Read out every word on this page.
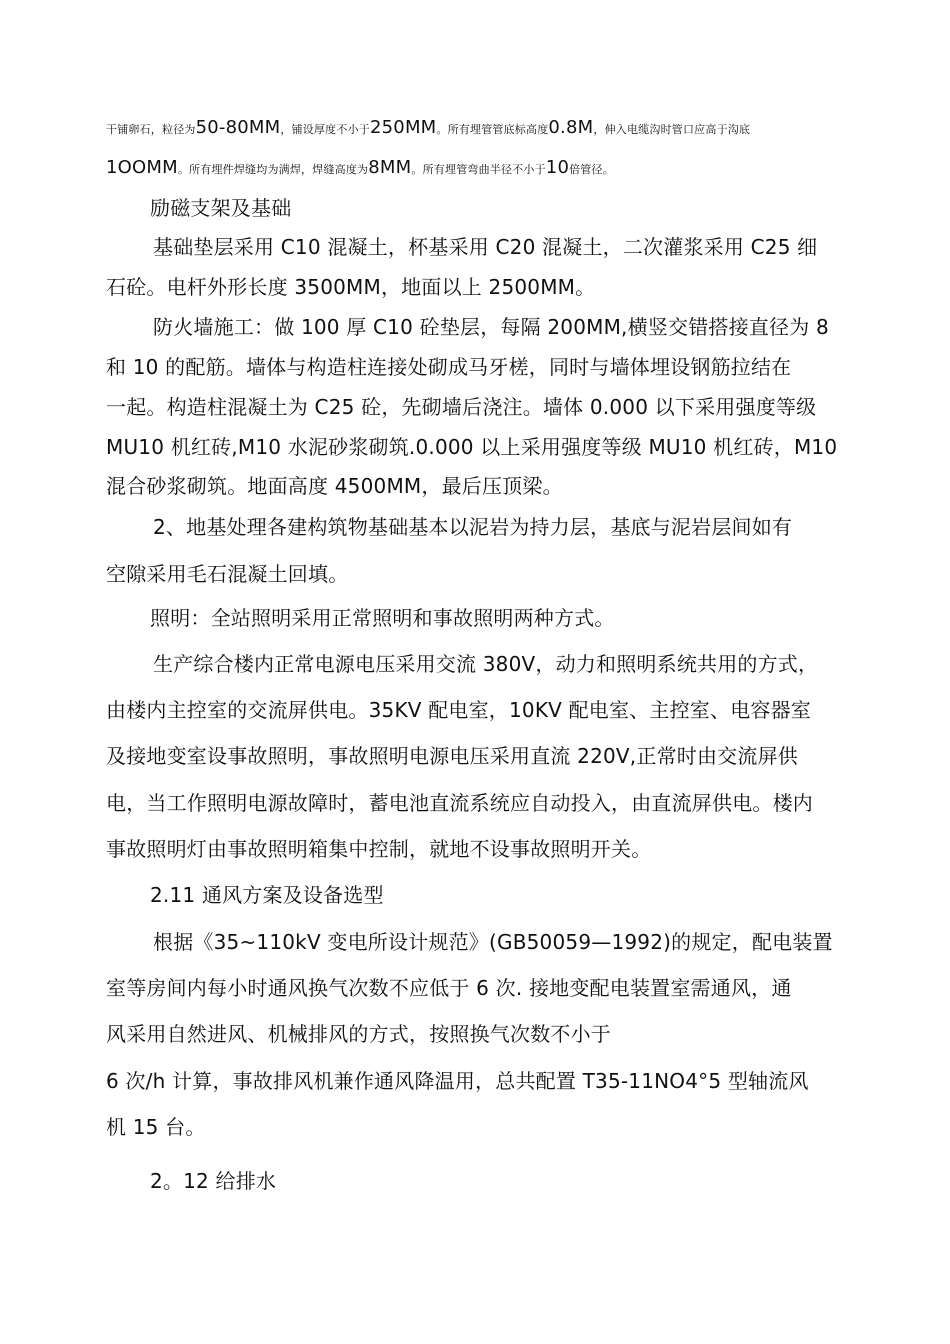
干铺卵石，粒径为50-80MM，铺设厚度不小于250MM。所有埋管管底标高度0.8M，伸入电缆沟时管口应高于沟底
1OOMM。所有埋件焊缝均为满焊，焊缝高度为8MM。所有埋管弯曲半径不小于10倍管径。
励磁支架及基础
基础垫层采用 C10 混凝土，杯基采用 C20 混凝土，二次灌浆采用 C25 细
石砼。电杆外形长度 3500MM，地面以上 2500MM。
防火墙施工：做 100 厚 C10 砼垫层，每隔 200MM,横竖交错搭接直径为 8
和 10 的配筋。墙体与构造柱连接处砌成马牙槎，同时与墙体埋设钢筋拉结在
一起。构造柱混凝土为 C25 砼，先砌墙后浇注。墙体 0.000 以下采用强度等级
MU10 机红砖,M10 水泥砂浆砌筑.0.000 以上采用强度等级 MU10 机红砖，M10
混合砂浆砌筑。地面高度 4500MM，最后压顶梁。
2、地基处理各建构筑物基础基本以泥岩为持力层，基底与泥岩层间如有
空隙采用毛石混凝土回填。
照明：全站照明采用正常照明和事故照明两种方式。
生产综合楼内正常电源电压采用交流 380V，动力和照明系统共用的方式，
由楼内主控室的交流屏供电。35KV 配电室，10KV 配电室、主控室、电容器室
及接地变室设事故照明，事故照明电源电压采用直流 220V,正常时由交流屏供
电，当工作照明电源故障时，蓄电池直流系统应自动投入，由直流屏供电。楼内
事故照明灯由事故照明箱集中控制，就地不设事故照明开关。
2.11 通风方案及设备选型
根据《35~110kV 变电所设计规范》(GB50059—1992)的规定，配电装置
室等房间内每小时通风换气次数不应低于 6 次. 接地变配电装置室需通风，通
风采用自然进风、机械排风的方式，按照换气次数不小于
6 次/h 计算，事故排风机兼作通风降温用，总共配置 T35-11NO4°5 型轴流风
机 15 台。
2。12 给排水
